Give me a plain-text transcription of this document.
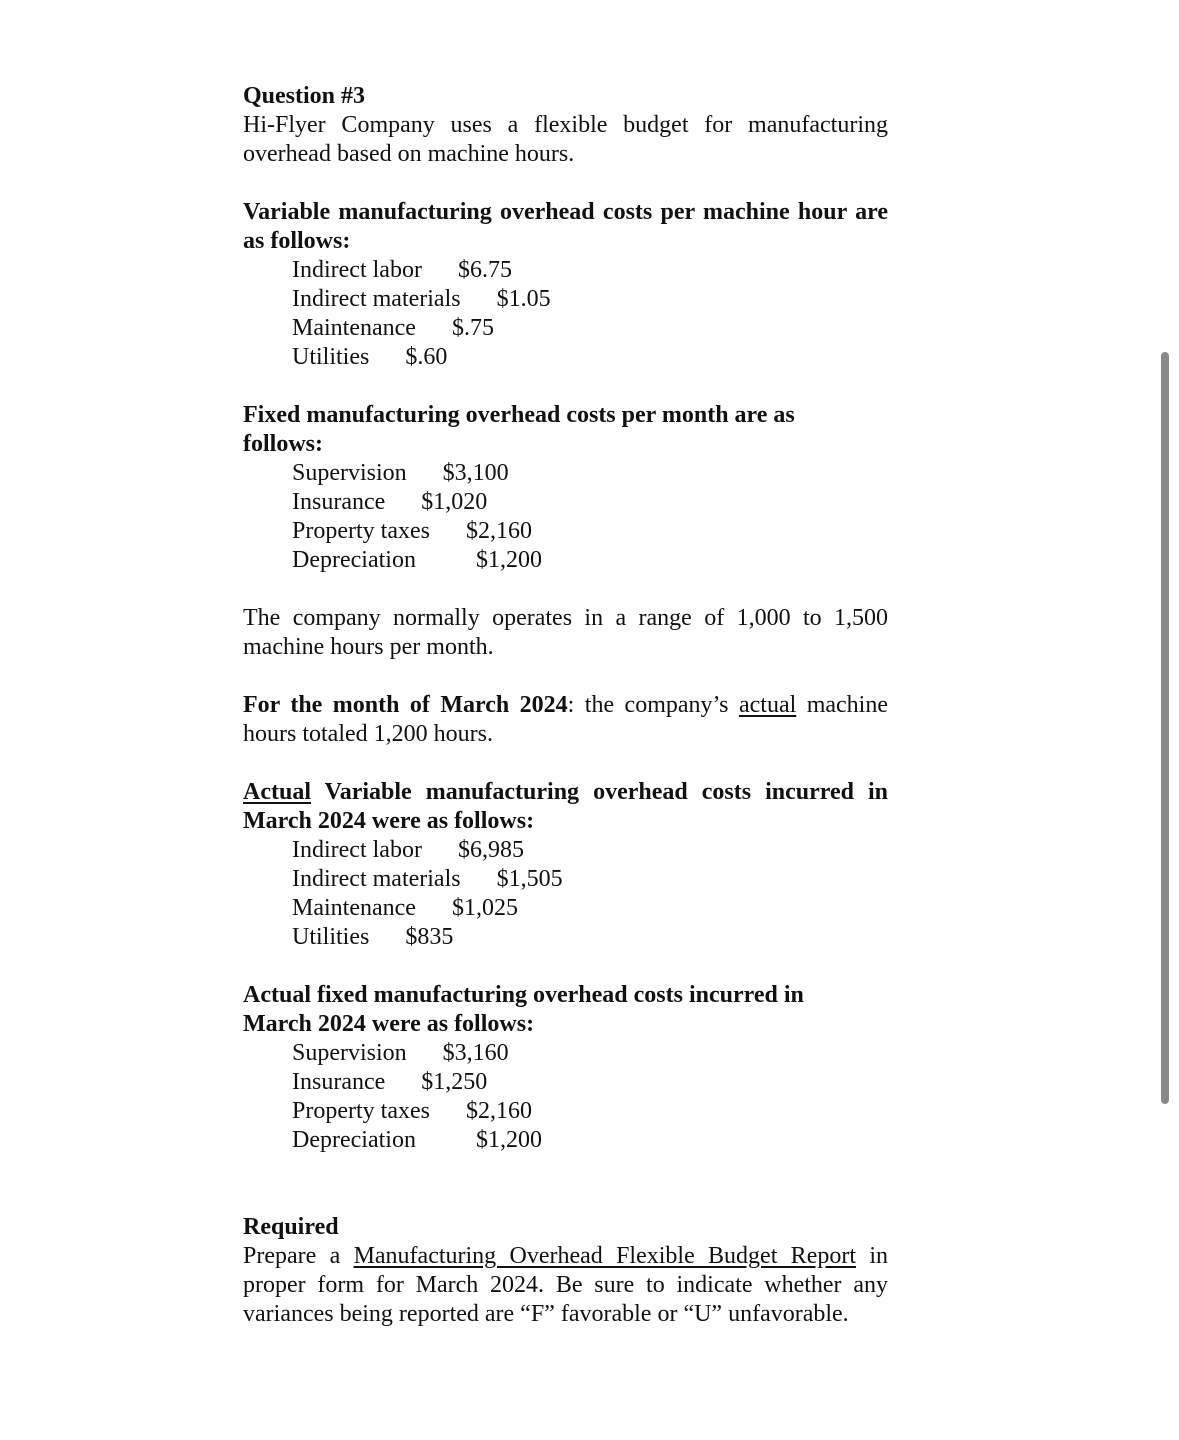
Question #3

Hi-Flyer Company uses a flexible budget for manufacturing overhead based on machine hours.

Variable manufacturing overhead costs per machine hour are as follows:

Indirect labor $6.75
Indirect materials $1.05
Maintenance $.75
Utilities $.60

Fixed manufacturing overhead costs per month are as follows:

Supervision $3,100
Insurance $1,020
Property taxes $2,160
Depreciation	$1,200

The company normally operates in a range of 1,000 to 1,500 machine hours per month.

For the month of March 2024: the company’s actual machine hours totaled 1,200 hours.

Actual Variable manufacturing overhead costs incurred in March 2024 were as follows:

Indirect labor $6,985
Indirect materials $1,505
Maintenance $1,025
Utilities $835

Actual fixed manufacturing overhead costs incurred in March 2024 were as follows:

Supervision $3,160
Insurance $1,250
Property taxes $2,160
Depreciation	$1,200

Required

Prepare a Manufacturing Overhead Flexible Budget Report in proper form for March 2024. Be sure to indicate whether any variances being reported are “F” favorable or “U” unfavorable.
